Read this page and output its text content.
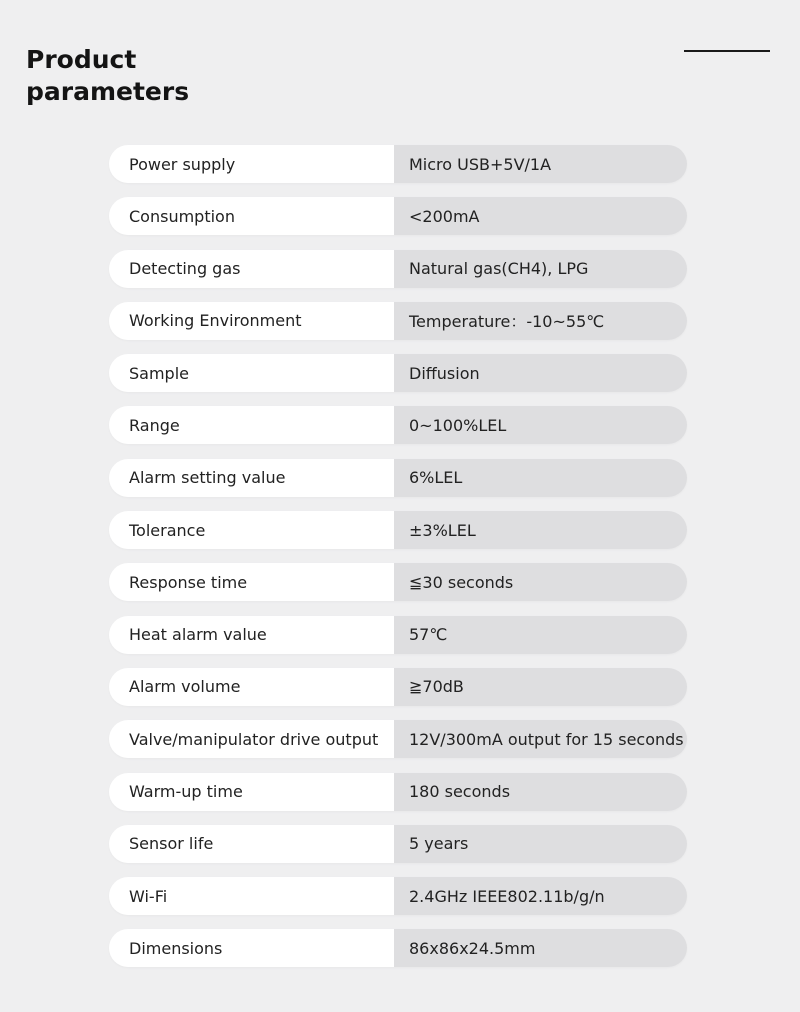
Product
parameters
Power supply	Micro USB+5V/1A
Consumption	<200mA
Detecting gas	Natural gas(CH4), LPG
Working Environment	Temperature：-10~55℃
Sample	Diffusion
Range	0~100%LEL
Alarm setting value	6%LEL
Tolerance	±3%LEL
Response time	≦30 seconds
Heat alarm value	57℃
Alarm volume	≧70dB
Valve/manipulator drive output	12V/300mA output for 15 seconds
Warm-up time	180 seconds
Sensor life	5 years
Wi-Fi	2.4GHz IEEE802.11b/g/n
Dimensions	86x86x24.5mm
